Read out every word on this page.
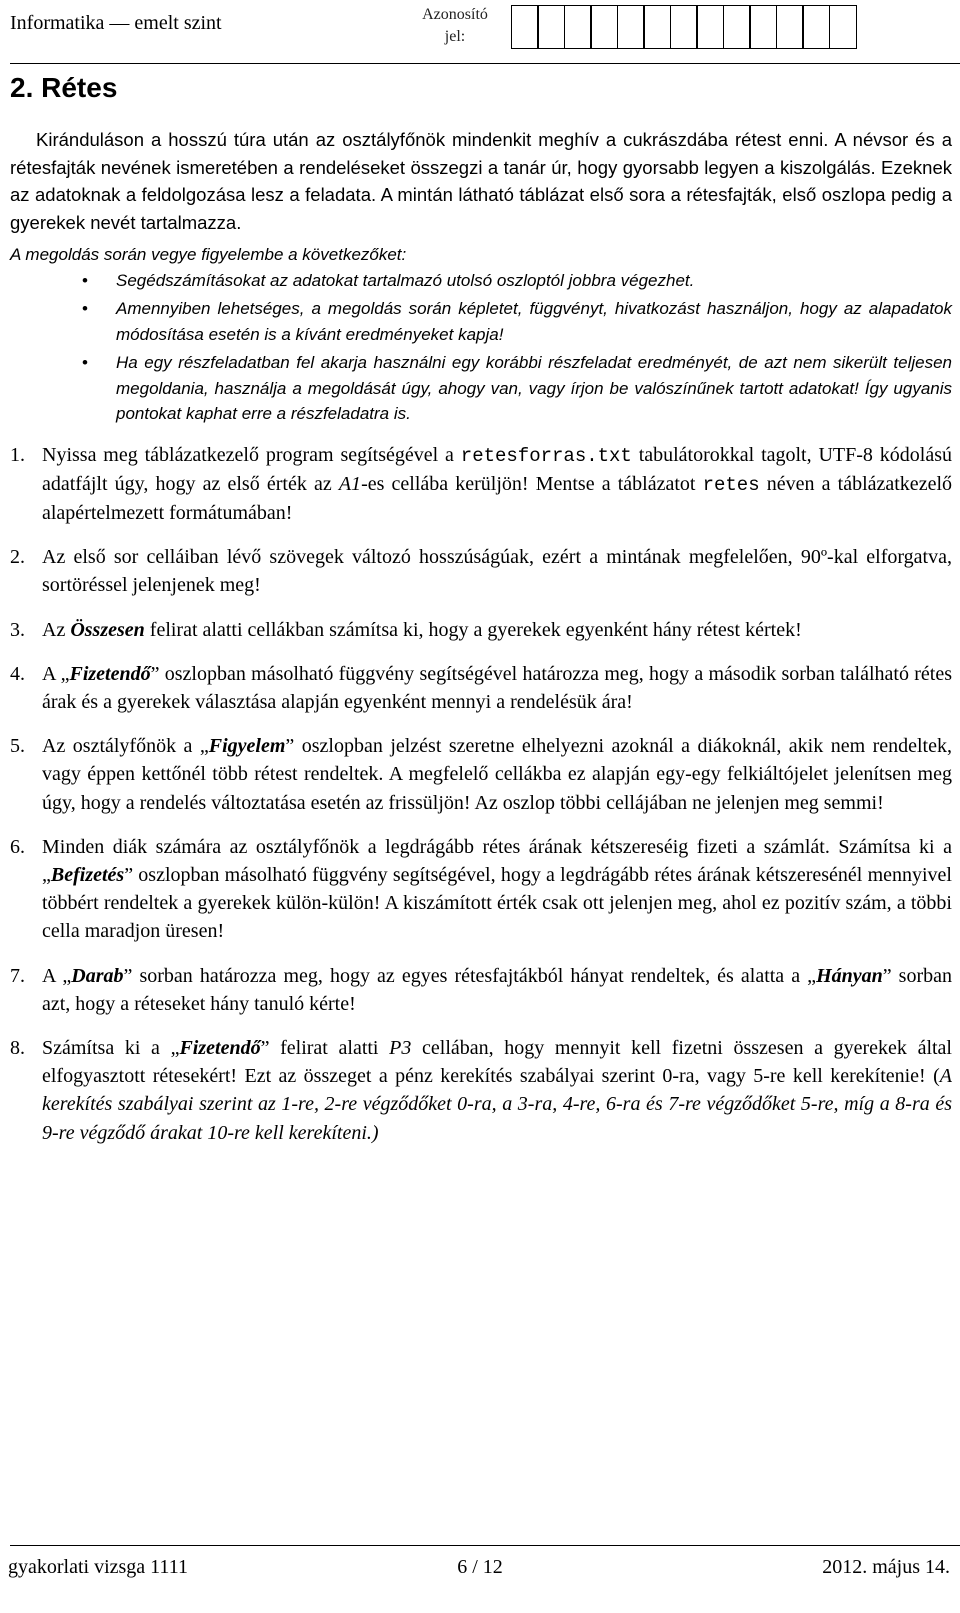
Informatika — emelt szint	Azonosító
jel:
2. Rétes

Kiránduláson a hosszú túra után az osztályfőnök mindenkit meghív a cukrászdába rétest enni. A névsor és a rétesfajták nevének ismeretében a rendeléseket összegzi a tanár úr, hogy gyorsabb legyen a kiszolgálás. Ezeknek az adatoknak a feldolgozása lesz a feladata. A mintán látható táblázat első sora a rétesfajták, első oszlopa pedig a gyerekek nevét tartalmazza.

A megoldás során vegye figyelembe a következőket:

• Segédszámításokat az adatokat tartalmazó utolsó oszloptól jobbra végezhet.
• Amennyiben lehetséges, a megoldás során képletet, függvényt, hivatkozást használjon, hogy az alapadatok módosítása esetén is a kívánt eredményeket kapja!
• Ha egy részfeladatban fel akarja használni egy korábbi részfeladat eredményét, de azt nem sikerült teljesen megoldania, használja a megoldását úgy, ahogy van, vagy írjon be valószínűnek tartott adatokat! Így ugyanis pontokat kaphat erre a részfeladatra is.
1. Nyissa meg táblázatkezelő program segítségével a retesforras.txt tabulátorokkal tagolt, UTF-8 kódolású adatfájlt úgy, hogy az első érték az A1-es cellába kerüljön! Mentse a táblázatot retes néven a táblázatkezelő alapértelmezett formátumában!
2. Az első sor celláiban lévő szövegek változó hosszúságúak, ezért a mintának megfelelően, 90º-kal elforgatva, sortöréssel jelenjenek meg!
3. Az Összesen felirat alatti cellákban számítsa ki, hogy a gyerekek egyenként hány rétest kértek!
4. A „Fizetendő” oszlopban másolható függvény segítségével határozza meg, hogy a második sorban található rétes árak és a gyerekek választása alapján egyenként mennyi a rendelésük ára!
5. Az osztályfőnök a „Figyelem” oszlopban jelzést szeretne elhelyezni azoknál a diákoknál, akik nem rendeltek, vagy éppen kettőnél több rétest rendeltek. A megfelelő cellákba ez alapján egy-egy felkiáltójelet jelenítsen meg úgy, hogy a rendelés változtatása esetén az frissüljön! Az oszlop többi cellájában ne jelenjen meg semmi!
6. Minden diák számára az osztályfőnök a legdrágább rétes árának kétszereséig fizeti a számlát. Számítsa ki a „Befizetés” oszlopban másolható függvény segítségével, hogy a legdrágább rétes árának kétszeresénél mennyivel többért rendeltek a gyerekek külön-külön! A kiszámított érték csak ott jelenjen meg, ahol ez pozitív szám, a többi cella maradjon üresen!
7. A „Darab” sorban határozza meg, hogy az egyes rétesfajtákból hányat rendeltek, és alatta a „Hányan” sorban azt, hogy a réteseket hány tanuló kérte!
8. Számítsa ki a „Fizetendő” felirat alatti P3 cellában, hogy mennyit kell fizetni összesen a gyerekek által elfogyasztott rétesekért! Ezt az összeget a pénz kerekítés szabályai szerint 0-ra, vagy 5-re kell kerekítenie! (A kerekítés szabályai szerint az 1-re, 2-re végződőket 0-ra, a 3-ra, 4-re, 6-ra és 7-re végződőket 5-re, míg a 8-ra és 9-re végződő árakat 10-re kell kerekíteni.)
gyakorlati vizsga 1111	6 / 12	2012. május 14.
